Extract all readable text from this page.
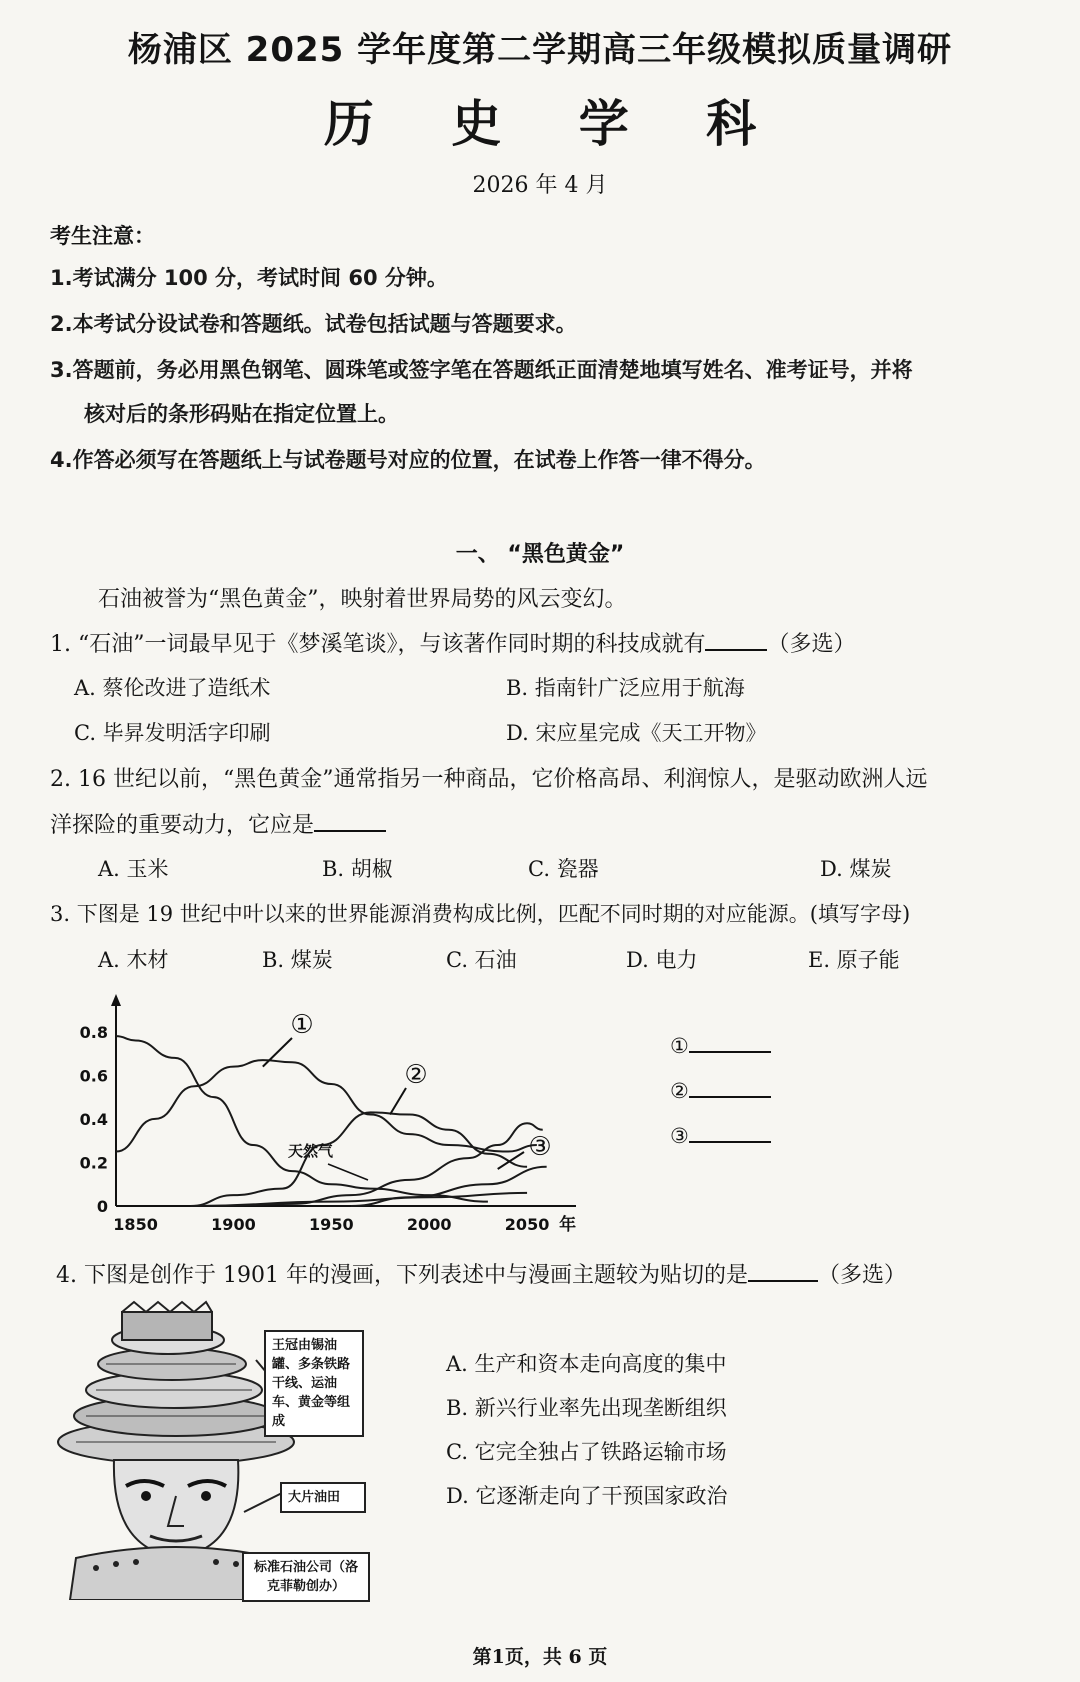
杨浦区 2025 学年度第二学期高三年级模拟质量调研
历 史 学 科
2026 年 4 月
考生注意：
1.考试满分 100 分，考试时间 60 分钟。
2.本考试分设试卷和答题纸。试卷包括试题与答题要求。
3.答题前，务必用黑色钢笔、圆珠笔或签字笔在答题纸正面清楚地填写姓名、准考证号，并将
核对后的条形码贴在指定位置上。
4.作答必须写在答题纸上与试卷题号对应的位置，在试卷上作答一律不得分。
一、 “黑色黄金”
石油被誉为“黑色黄金”，映射着世界局势的风云变幻。
1. “石油”一词最早见于《梦溪笔谈》，与该著作同时期的科技成就有	（多选）
A. 蔡伦改进了造纸术	B. 指南针广泛应用于航海
C. 毕昇发明活字印刷	D. 宋应星完成《天工开物》
2. 16 世纪以前，“黑色黄金”通常指另一种商品，它价格高昂、利润惊人，是驱动欧洲人远
洋探险的重要动力，它应是
A. 玉米	B. 胡椒	C. 瓷器	D. 煤炭
3. 下图是 19 世纪中叶以来的世界能源消费构成比例，匹配不同时期的对应能源。(填写字母)
A. 木材	B. 煤炭	C. 石油	D. 电力	E. 原子能
0
0.2
0.4
0.6
0.8
1850	1900	1950	2000	2050 年
①
②
③
天然气
①
②
③
4. 下图是创作于 1901 年的漫画，下列表述中与漫画主题较为贴切的是	（多选）
王冠由锡油罐、多条铁路干线、运油车、黄金等组成
大片油田
标准石油公司（洛克菲勒创办）
A. 生产和资本走向高度的集中
B. 新兴行业率先出现垄断组织
C. 它完全独占了铁路运输市场
D. 它逐渐走向了干预国家政治
第1页，共 6 页
